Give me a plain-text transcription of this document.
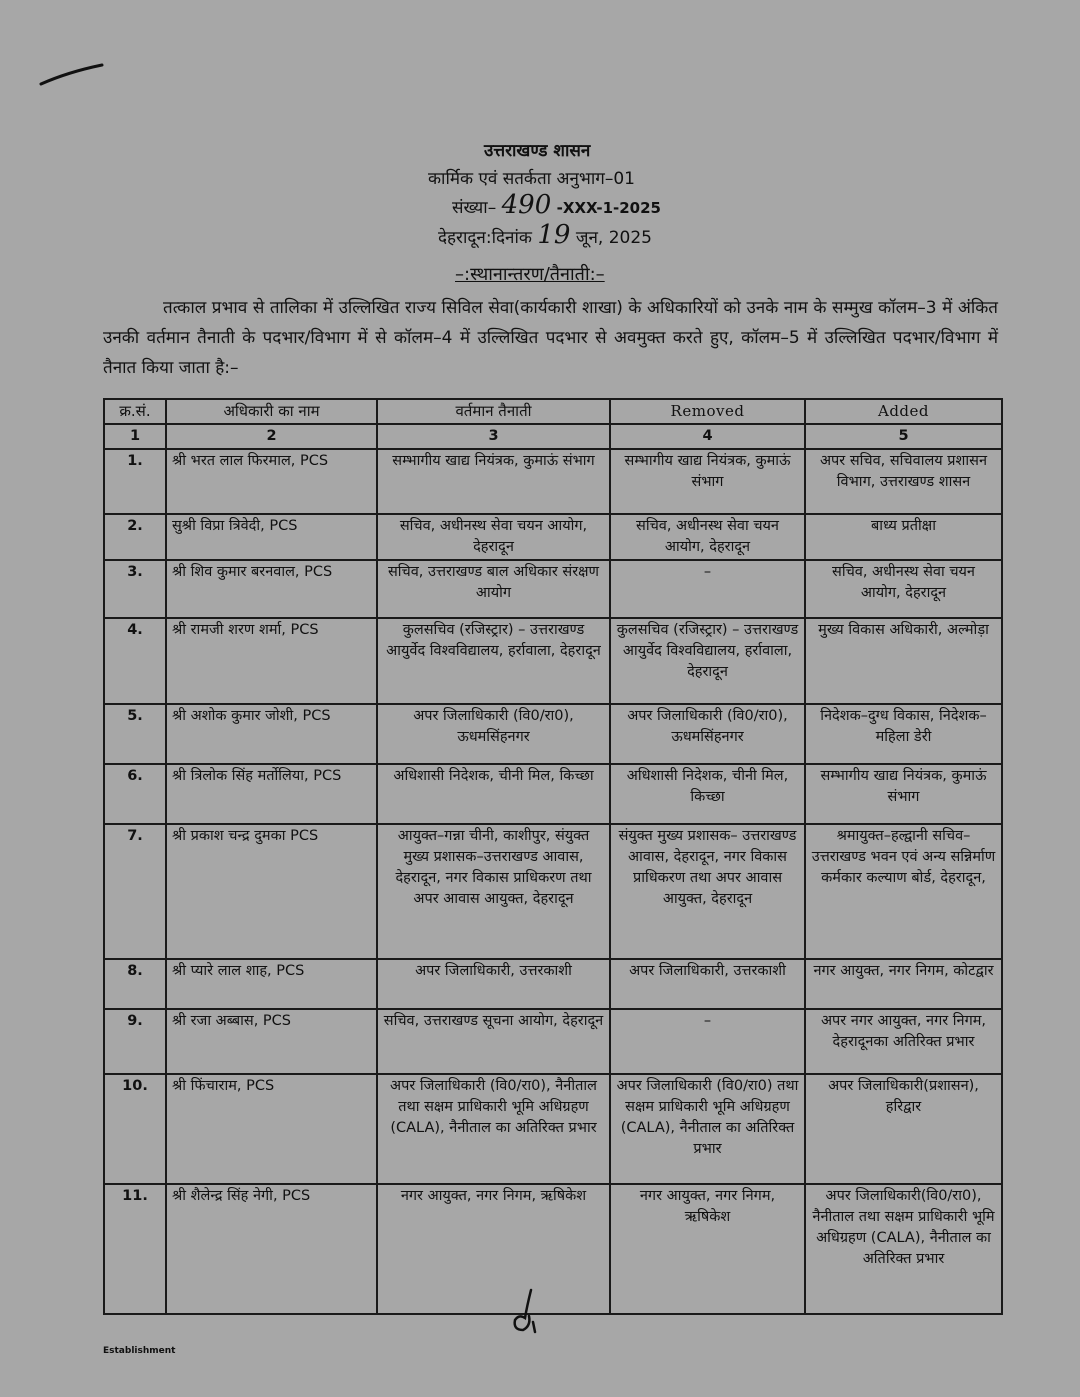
उत्तराखण्ड शासन
कार्मिक एवं सतर्कता अनुभाग–01
संख्या– 490 -XXX-1-2025
देहरादून:दिनांक 19 जून, 2025
–:स्थानान्तरण/तैनाती:–
तत्काल प्रभाव से तालिका में उल्लिखित राज्य सिविल सेवा(कार्यकारी शाखा) के अधिकारियों को उनके नाम के सम्मुख कॉलम–3 में अंकित उनकी वर्तमान तैनाती के पदभार/विभाग में से कॉलम–4 में उल्लिखित पदभार से अवमुक्त करते हुए, कॉलम–5 में उल्लिखित पदभार/विभाग में तैनात किया जाता है:–
क्र.सं.	अधिकारी का नाम	वर्तमान तैनाती	Removed	Added
1	2	3	4	5
1.	श्री भरत लाल फिरमाल, PCS	सम्भागीय खाद्य नियंत्रक, कुमाऊं संभाग	सम्भागीय खाद्य नियंत्रक, कुमाऊं संभाग	अपर सचिव, सचिवालय प्रशासन विभाग, उत्तराखण्ड शासन
2.	सुश्री विप्रा त्रिवेदी, PCS	सचिव, अधीनस्थ सेवा चयन आयोग, देहरादून	सचिव, अधीनस्थ सेवा चयन आयोग, देहरादून	बाध्य प्रतीक्षा
3.	श्री शिव कुमार बरनवाल, PCS	सचिव, उत्तराखण्ड बाल अधिकार संरक्षण आयोग	–	सचिव, अधीनस्थ सेवा चयन आयोग, देहरादून
4.	श्री रामजी शरण शर्मा, PCS	कुलसचिव (रजिस्ट्रार) – उत्तराखण्ड आयुर्वेद विश्वविद्यालय, हर्रावाला, देहरादून	कुलसचिव (रजिस्ट्रार) – उत्तराखण्ड आयुर्वेद विश्वविद्यालय, हर्रावाला, देहरादून	मुख्य विकास अधिकारी, अल्मोड़ा
5.	श्री अशोक कुमार जोशी, PCS	अपर जिलाधिकारी (वि0/रा0), ऊधमसिंहनगर	अपर जिलाधिकारी (वि0/रा0), ऊधमसिंहनगर	निदेशक–दुग्ध विकास, निदेशक–महिला डेरी
6.	श्री त्रिलोक सिंह मर्तोलिया, PCS	अधिशासी निदेशक, चीनी मिल, किच्छा	अधिशासी निदेशक, चीनी मिल, किच्छा	सम्भागीय खाद्य नियंत्रक, कुमाऊं संभाग
7.	श्री प्रकाश चन्द्र दुमका PCS	आयुक्त–गन्ना चीनी, काशीपुर, संयुक्त मुख्य प्रशासक–उत्तराखण्ड आवास, देहरादून, नगर विकास प्राधिकरण तथा अपर आवास आयुक्त, देहरादून	संयुक्त मुख्य प्रशासक– उत्तराखण्ड आवास, देहरादून, नगर विकास प्राधिकरण तथा अपर आवास आयुक्त, देहरादून	श्रमायुक्त–हल्द्वानी सचिव–उत्तराखण्ड भवन एवं अन्य सन्निर्माण कर्मकार कल्याण बोर्ड, देहरादून,
8.	श्री प्यारे लाल शाह, PCS	अपर जिलाधिकारी, उत्तरकाशी	अपर जिलाधिकारी, उत्तरकाशी	नगर आयुक्त, नगर निगम, कोटद्वार
9.	श्री रजा अब्बास, PCS	सचिव, उत्तराखण्ड सूचना आयोग, देहरादून	–	अपर नगर आयुक्त, नगर निगम, देहरादूनका अतिरिक्त प्रभार
10.	श्री फिंचाराम, PCS	अपर जिलाधिकारी (वि0/रा0), नैनीताल तथा सक्षम प्राधिकारी भूमि अधिग्रहण (CALA), नैनीताल का अतिरिक्त प्रभार	अपर जिलाधिकारी (वि0/रा0) तथा सक्षम प्राधिकारी भूमि अधिग्रहण (CALA), नैनीताल का अतिरिक्त प्रभार	अपर जिलाधिकारी(प्रशासन), हरिद्वार
11.	श्री शैलेन्द्र सिंह नेगी, PCS	नगर आयुक्त, नगर निगम, ऋषिकेश	नगर आयुक्त, नगर निगम, ऋषिकेश	अपर जिलाधिकारी(वि0/रा0), नैनीताल तथा सक्षम प्राधिकारी भूमि अधिग्रहण (CALA), नैनीताल का अतिरिक्त प्रभार
Establishment
